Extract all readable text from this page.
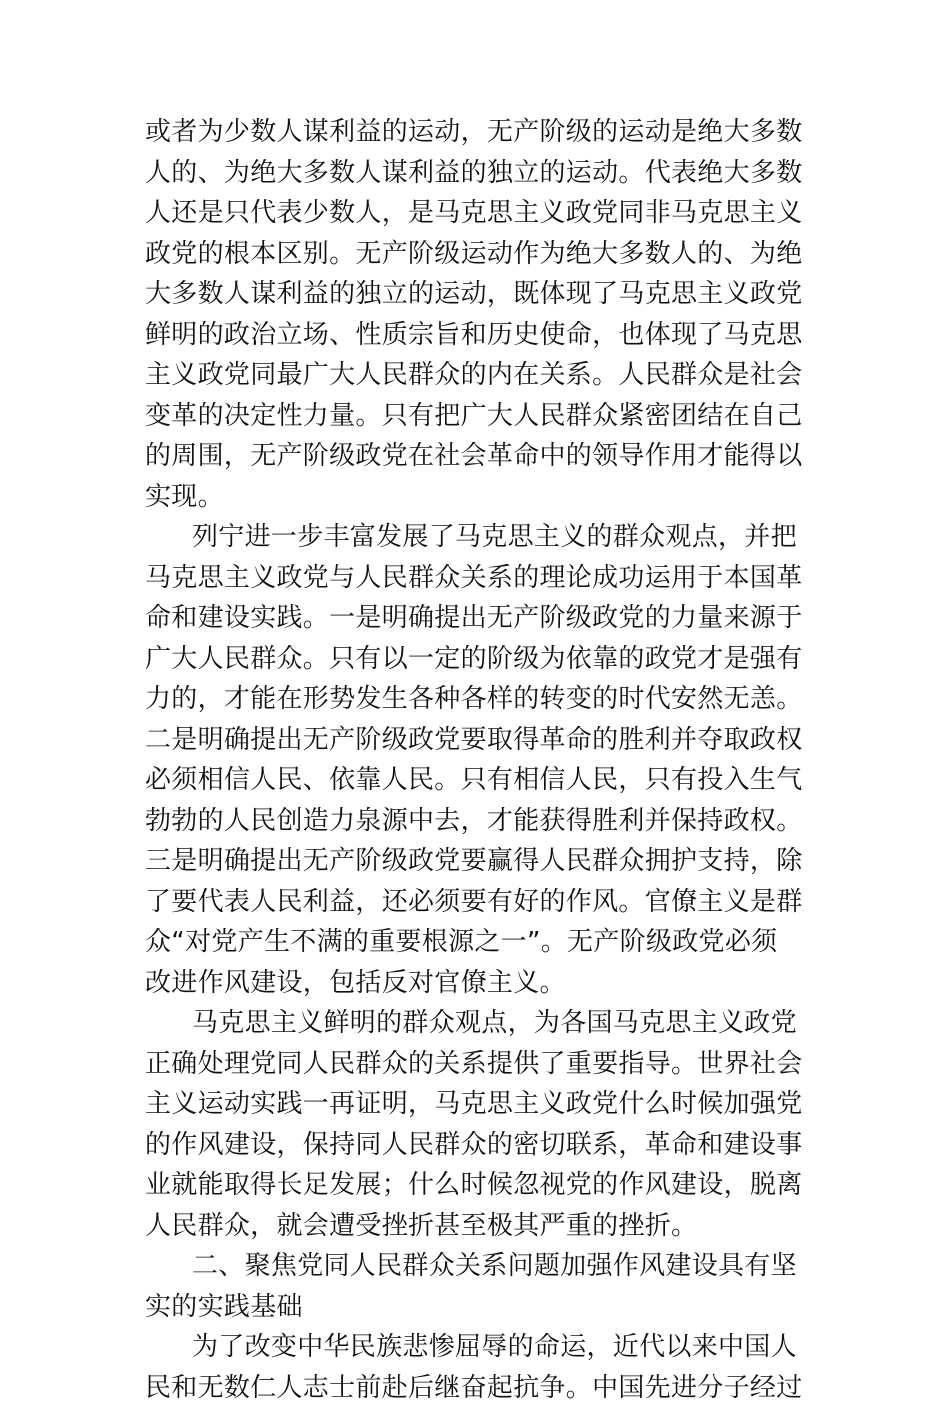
或者为少数人谋利益的运动，无产阶级的运动是绝大多数
人的、为绝大多数人谋利益的独立的运动。代表绝大多数
人还是只代表少数人，是马克思主义政党同非马克思主义
政党的根本区别。无产阶级运动作为绝大多数人的、为绝
大多数人谋利益的独立的运动，既体现了马克思主义政党
鲜明的政治立场、性质宗旨和历史使命，也体现了马克思
主义政党同最广大人民群众的内在关系。人民群众是社会
变革的决定性力量。只有把广大人民群众紧密团结在自己
的周围，无产阶级政党在社会革命中的领导作用才能得以
实现。
列宁进一步丰富发展了马克思主义的群众观点，并把
马克思主义政党与人民群众关系的理论成功运用于本国革
命和建设实践。一是明确提出无产阶级政党的力量来源于
广大人民群众。只有以一定的阶级为依靠的政党才是强有
力的，才能在形势发生各种各样的转变的时代安然无恙。
二是明确提出无产阶级政党要取得革命的胜利并夺取政权
必须相信人民、依靠人民。只有相信人民，只有投入生气
勃勃的人民创造力泉源中去，才能获得胜利并保持政权。
三是明确提出无产阶级政党要赢得人民群众拥护支持，除
了要代表人民利益，还必须要有好的作风。官僚主义是群
众“对党产生不满的重要根源之一”。无产阶级政党必须
改进作风建设，包括反对官僚主义。
马克思主义鲜明的群众观点，为各国马克思主义政党
正确处理党同人民群众的关系提供了重要指导。世界社会
主义运动实践一再证明，马克思主义政党什么时候加强党
的作风建设，保持同人民群众的密切联系，革命和建设事
业就能取得长足发展；什么时候忽视党的作风建设，脱离
人民群众，就会遭受挫折甚至极其严重的挫折。
二、聚焦党同人民群众关系问题加强作风建设具有坚
实的实践基础
为了改变中华民族悲惨屈辱的命运，近代以来中国人
民和无数仁人志士前赴后继奋起抗争。中国先进分子经过
